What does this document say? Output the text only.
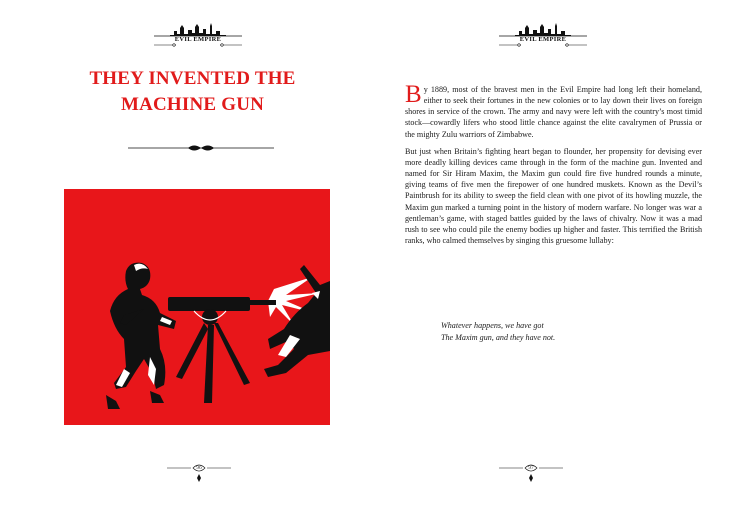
EVIL EMPIRE
THEY INVENTED THE
MACHINE GUN
96
EVIL EMPIRE

By 1889, most of the bravest men in the Evil Empire had long left their homeland, either to seek their fortunes in the new colonies or to lay down their lives on foreign shores in service of the crown. The army and navy were left with the country’s most timid stock—cowardly lifers who stood little chance against the elite cavalrymen of Prussia or the mighty Zulu warriors of Zimbabwe.

But just when Britain’s fighting heart began to flounder, her propensity for devising ever more deadly killing devices came through in the form of the machine gun. Invented and named for Sir Hiram Maxim, the Maxim gun could fire five hundred rounds a minute, giving teams of five men the firepower of one hundred muskets. Known as the Devil’s Paintbrush for its ability to sweep the field clean with one pivot of its howling muzzle, the Maxim gun marked a turning point in the history of modern warfare. No longer was war a gentleman’s game, with staged battles guided by the laws of chivalry. Now it was a mad rush to see who could pile the enemy bodies up higher and faster. This terrified the British ranks, who calmed themselves by singing this gruesome lullaby:

Whatever happens, we have got
The Maxim gun, and they have not.
97
